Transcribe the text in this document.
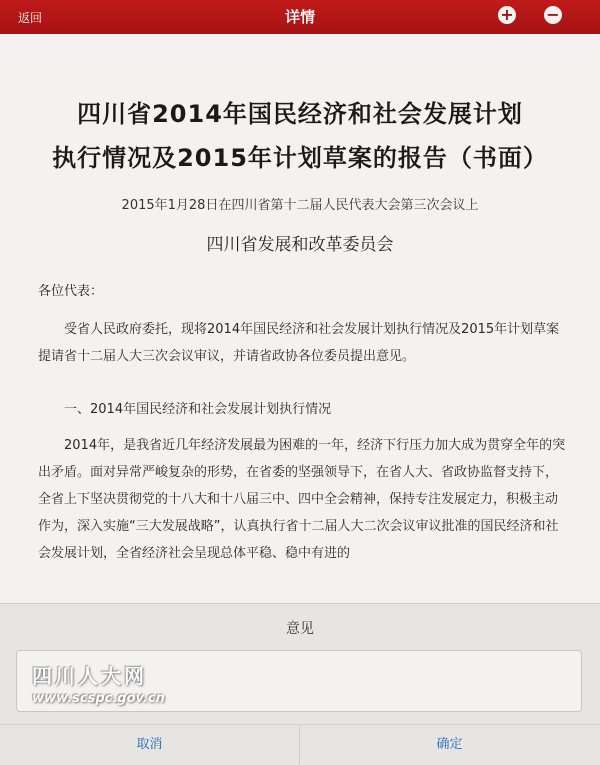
返回	详情	+ −
四川省2014年国民经济和社会发展计划
执行情况及2015年计划草案的报告（书面）
2015年1月28日在四川省第十二届人民代表大会第三次会议上
四川省发展和改革委员会
各位代表：
受省人民政府委托，现将2014年国民经济和社会发展计划执行情况及2015年计划草案提请省十二届人大三次会议审议，并请省政协各位委员提出意见。
一、2014年国民经济和社会发展计划执行情况
2014年，是我省近几年经济发展最为困难的一年，经济下行压力加大成为贯穿全年的突出矛盾。面对异常严峻复杂的形势，在省委的坚强领导下，在省人大、省政协监督支持下，全省上下坚决贯彻党的十八大和十八届三中、四中全会精神，保持专注发展定力，积极主动作为，深入实施“三大发展战略”，认真执行省十二届人大二次会议审议批准的国民经济和社会发展计划，全省经济社会呈现总体平稳、稳中有进的
意见
四川人大网
www.scspc.gov.cn
取消	确定
